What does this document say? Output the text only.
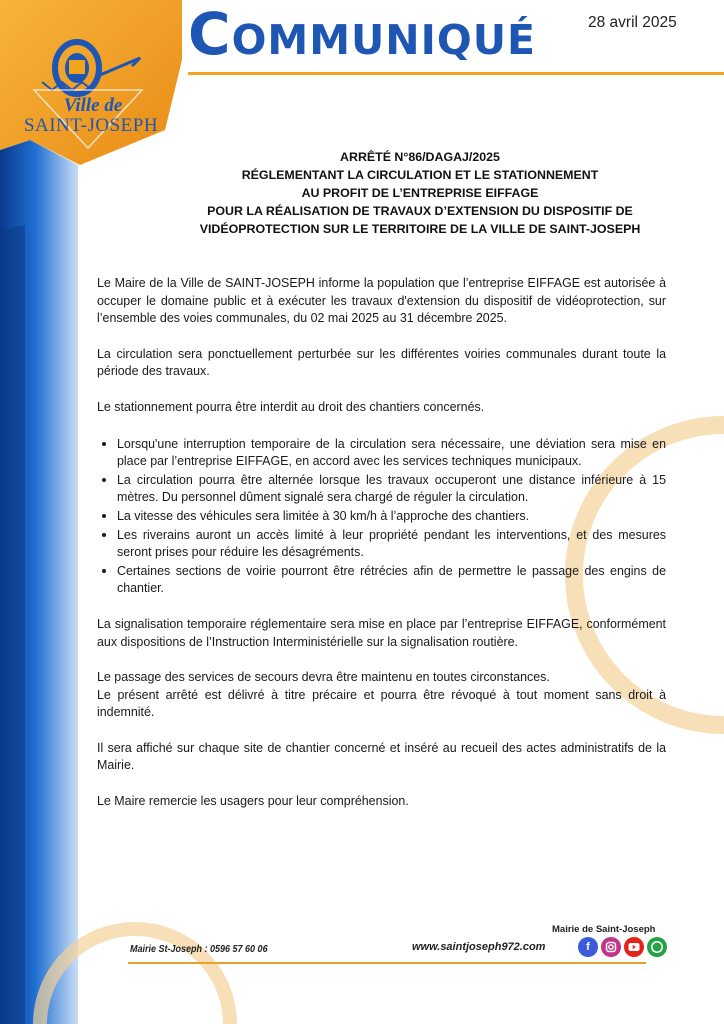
Ville de
SAINT-JOSEPH
Communiqué	28 avril 2025
ARRÊTÉ N°86/DAGAJ/2025
RÉGLEMENTANT LA CIRCULATION ET LE STATIONNEMENT
AU PROFIT DE L’ENTREPRISE EIFFAGE
POUR LA RÉALISATION DE TRAVAUX D’EXTENSION DU DISPOSITIF DE
VIDÉOPROTECTION SUR LE TERRITOIRE DE LA VILLE DE SAINT-JOSEPH

Le Maire de la Ville de SAINT-JOSEPH informe la population que l’entreprise EIFFAGE est autorisée à occuper le domaine public et à exécuter les travaux d'extension du dispositif de vidéoprotection, sur l’ensemble des voies communales, du 02 mai 2025 au 31 décembre 2025.

La circulation sera ponctuellement perturbée sur les différentes voiries communales durant toute la période des travaux.

Le stationnement pourra être interdit au droit des chantiers concernés.

• Lorsqu'une interruption temporaire de la circulation sera nécessaire, une déviation sera mise en place par l’entreprise EIFFAGE, en accord avec les services techniques municipaux.
• La circulation pourra être alternée lorsque les travaux occuperont une distance inférieure à 15 mètres. Du personnel dûment signalé sera chargé de réguler la circulation.
• La vitesse des véhicules sera limitée à 30 km/h à l’approche des chantiers.
• Les riverains auront un accès limité à leur propriété pendant les interventions, et des mesures seront prises pour réduire les désagréments.
• Certaines sections de voirie pourront être rétrécies afin de permettre le passage des engins de chantier.

La signalisation temporaire réglementaire sera mise en place par l’entreprise EIFFAGE, conformément aux dispositions de l’Instruction Interministérielle sur la signalisation routière.

Le passage des services de secours devra être maintenu en toutes circonstances.

Le présent arrêté est délivré à titre précaire et pourra être révoqué à tout moment sans droit à indemnité.

Il sera affiché sur chaque site de chantier concerné et inséré au recueil des actes administratifs de la Mairie.

Le Maire remercie les usagers pour leur compréhension.

Mairie de Saint-Joseph
Mairie St-Joseph : 0596 57 60 06	www.saintjoseph972.com	f
